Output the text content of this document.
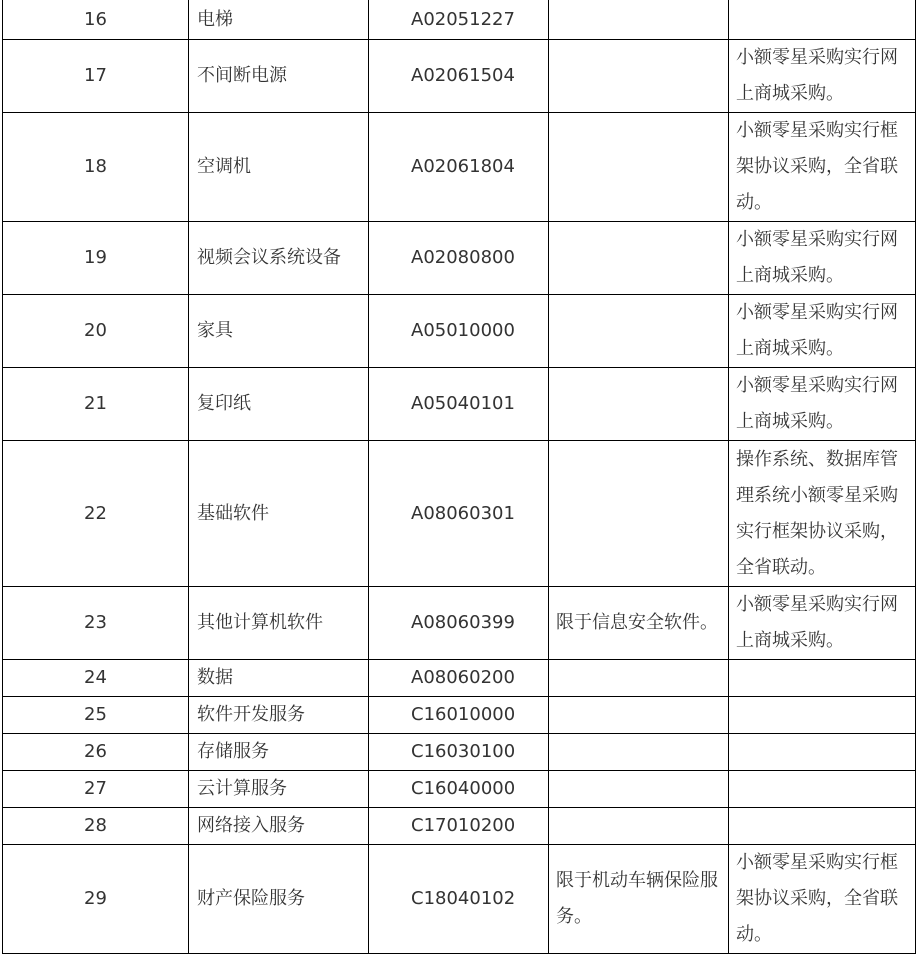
16	电梯	A02051227		
17	不间断电源	A02061504		小额零星采购实行网上商城采购。
18	空调机	A02061804		小额零星采购实行框架协议采购，全省联动。
19	视频会议系统设备	A02080800		小额零星采购实行网上商城采购。
20	家具	A05010000		小额零星采购实行网上商城采购。
21	复印纸	A05040101		小额零星采购实行网上商城采购。
22	基础软件	A08060301		操作系统、数据库管理系统小额零星采购实行框架协议采购，全省联动。
23	其他计算机软件	A08060399	限于信息安全软件。	小额零星采购实行网上商城采购。
24	数据	A08060200		
25	软件开发服务	C16010000		
26	存储服务	C16030100		
27	云计算服务	C16040000		
28	网络接入服务	C17010200		
29	财产保险服务	C18040102	限于机动车辆保险服务。	小额零星采购实行框架协议采购，全省联动。
